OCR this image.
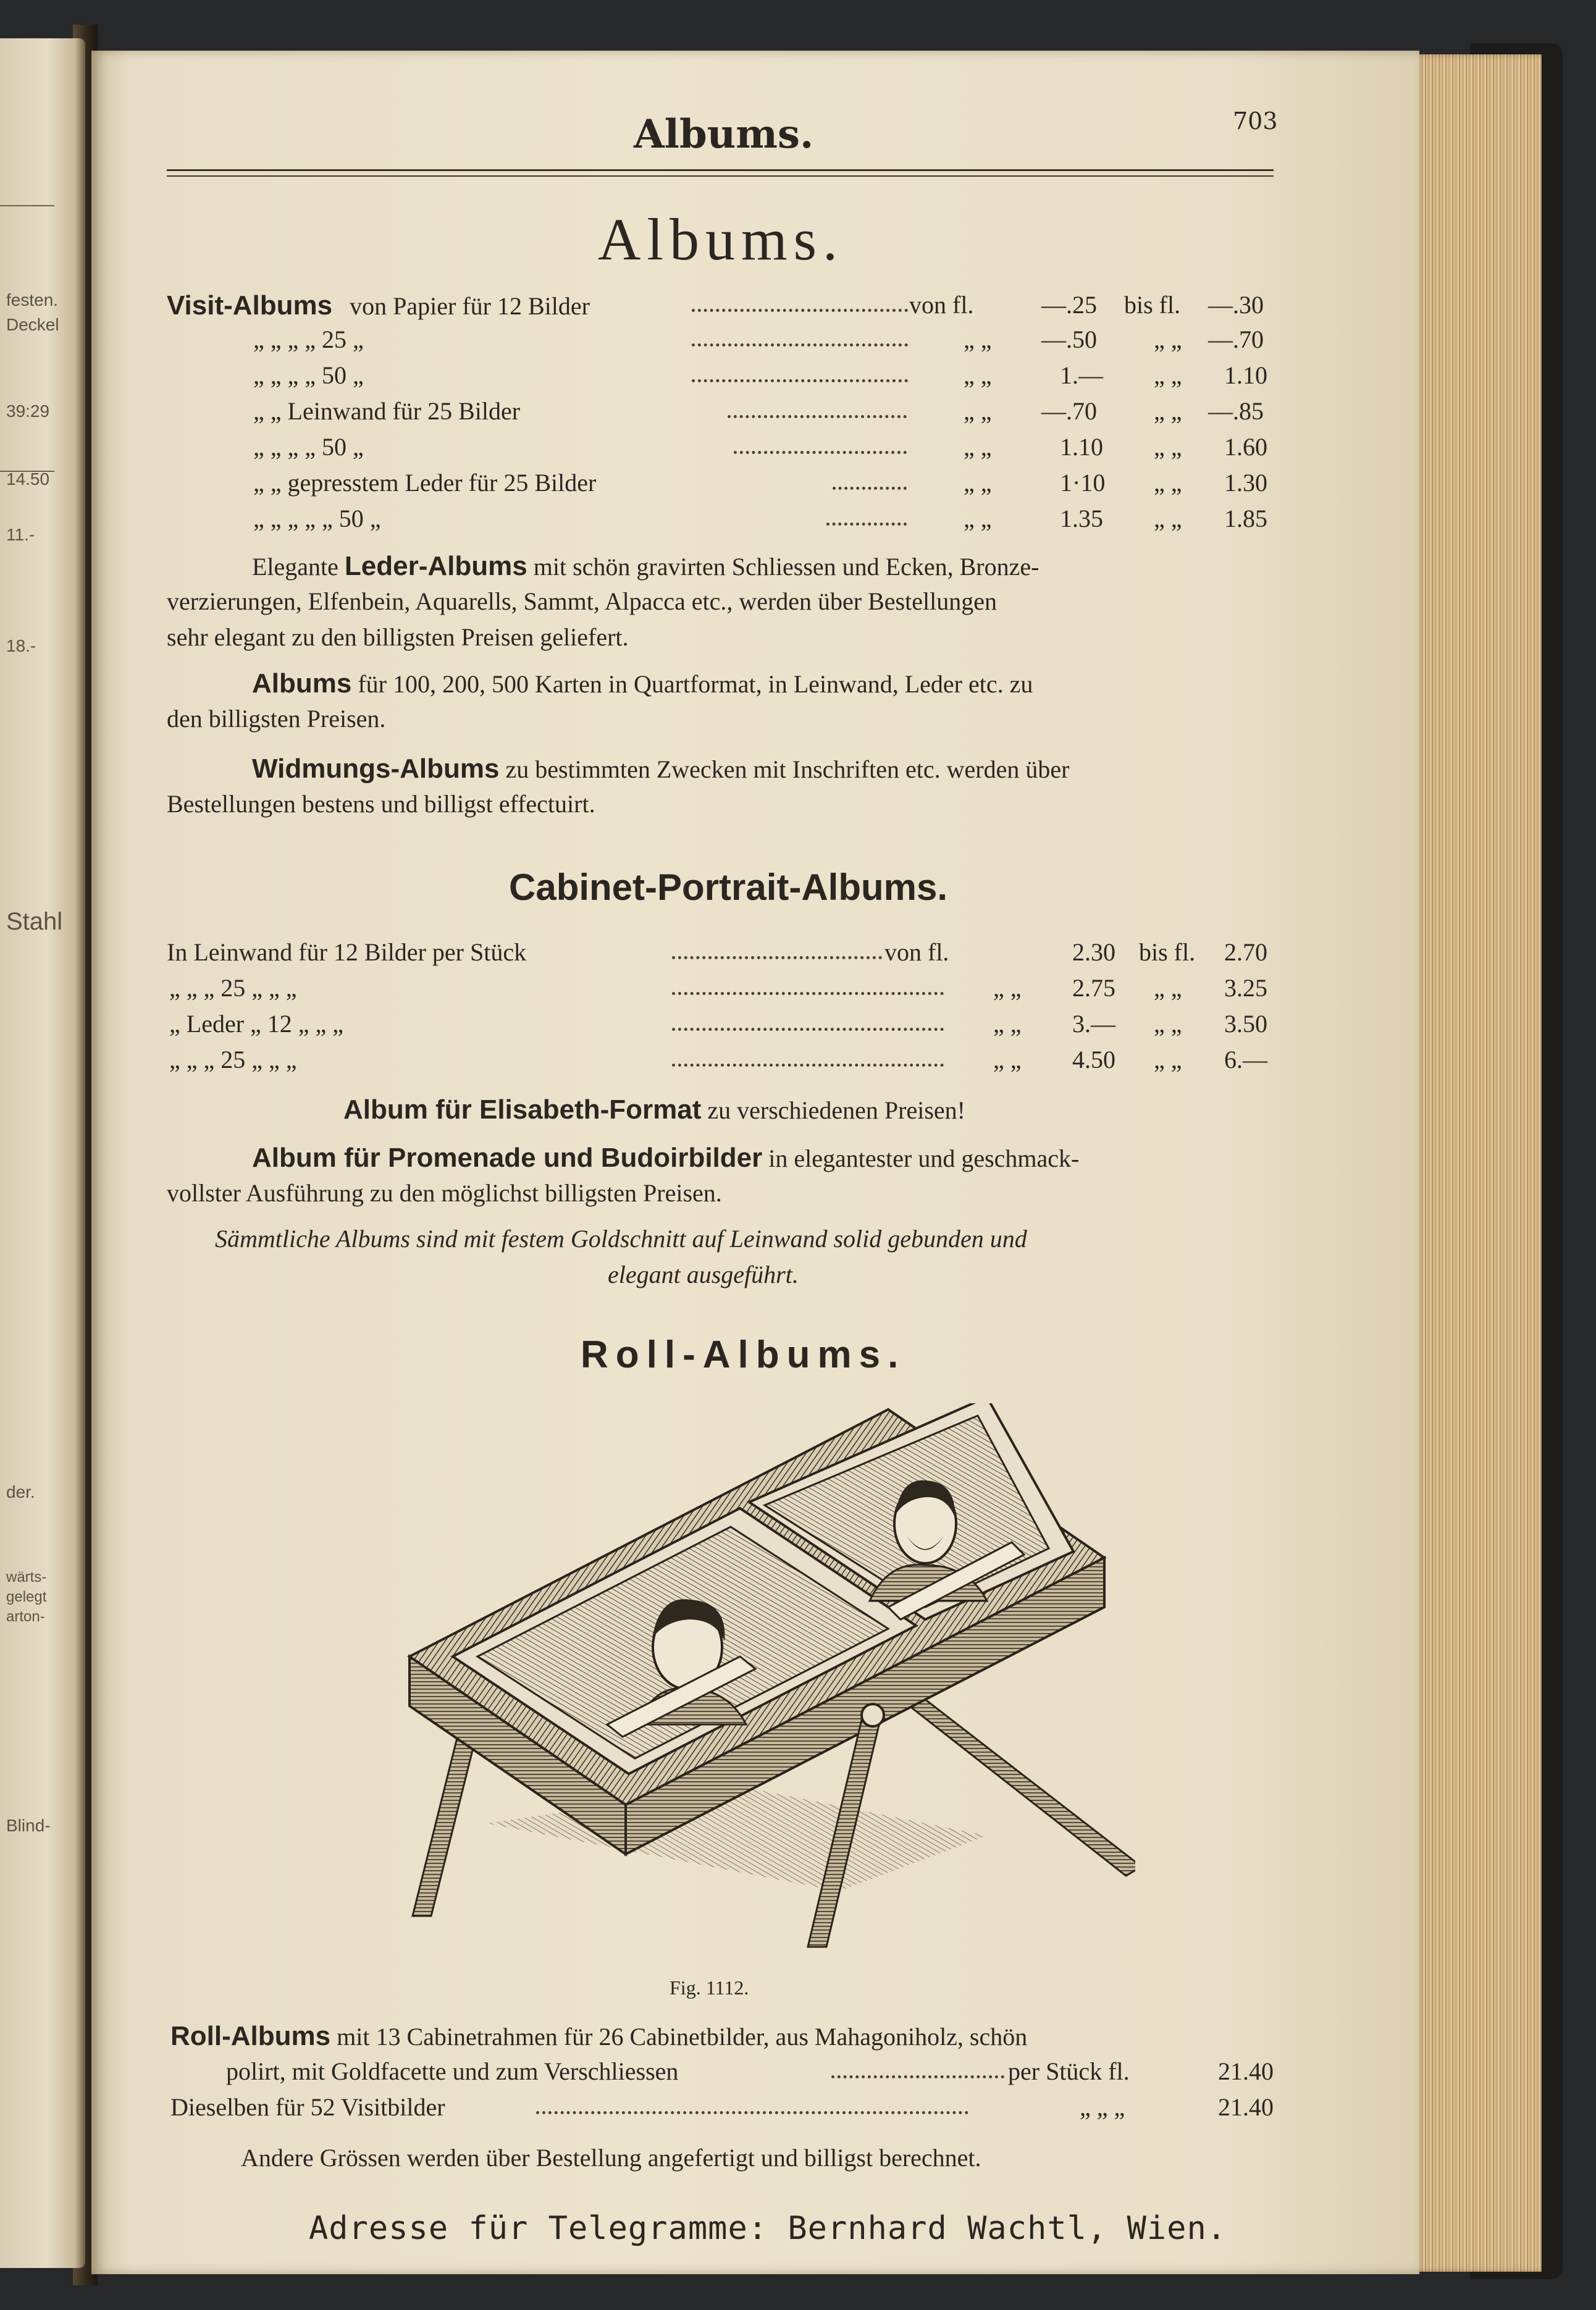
festen.
Deckel
39:29
14.50
11.-
18.-
Stahl
der.
wärts-
gelegt
arton-
Blind-
Albums.	703
Albums.
Visit-Albums von Papier für 12 Bilder	von fl.	—.25 bis fl. —.30
„ „ „ „ 25 „	„ „ —.50 „ „ —.70
„ „ „ „ 50 „	„ „	1.— „ „ 1.10
„ „ Leinwand für 25 Bilder	„ „ —.70 „ „ —.85
„ „ „ „ 50 „	„ „	1.10 „ „ 1.60
„ „ gepresstem Leder für 25 Bilder	„ „	1·10 „ „ 1.30
„ „ „ „ „ 50 „	„ „	1.35 „ „ 1.85
Elegante Leder-Albums mit schön gravirten Schliessen und Ecken, Bronze-
verzierungen, Elfenbein, Aquarells, Sammt, Alpacca etc., werden über Bestellungen
sehr elegant zu den billigsten Preisen geliefert.
Albums für 100, 200, 500 Karten in Quartformat, in Leinwand, Leder etc. zu
den billigsten Preisen.
Widmungs-Albums zu bestimmten Zwecken mit Inschriften etc. werden über
Bestellungen bestens und billigst effectuirt.
Cabinet-Portrait-Albums.
In Leinwand für 12 Bilder per Stück	von fl.	2.30 bis fl. 2.70
„ „ „ 25 „ „ „	„ „ 2.75 „ „ 3.25
„ Leder „ 12 „ „ „	„ „ 3.— „ „ 3.50
„ „ „ 25 „ „ „	„ „ 4.50 „ „ 6.—
Album für Elisabeth-Format zu verschiedenen Preisen!
Album für Promenade und Budoirbilder in elegantester und geschmack-
vollster Ausführung zu den möglichst billigsten Preisen.
Sämmtliche Albums sind mit festem Goldschnitt auf Leinwand solid gebunden und
elegant ausgeführt.
Roll-Albums.
Fig. 1112.
Roll-Albums mit 13 Cabinetrahmen für 26 Cabinetbilder, aus Mahagoniholz, schön
polirt, mit Goldfacette und zum Verschliessen	per Stück fl.	21.40
Dieselben für 52 Visitbilder	„ „ „	21.40
Andere Grössen werden über Bestellung angefertigt und billigst berechnet.
Adresse für Telegramme: Bernhard Wachtl, Wien.
